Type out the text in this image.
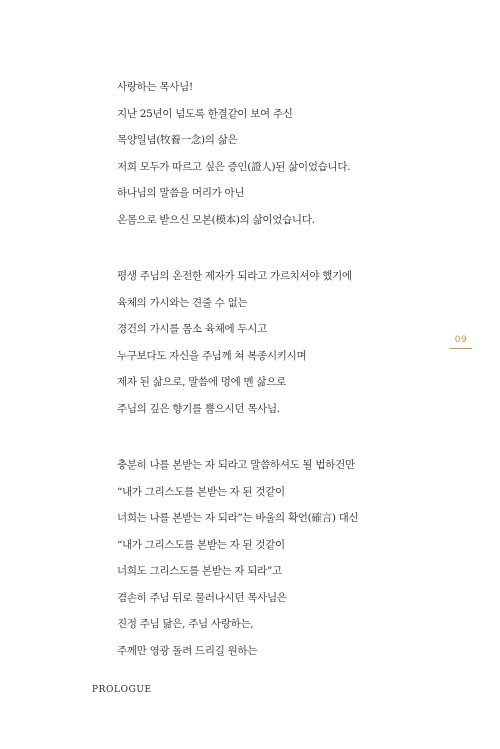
사랑하는 목사님!
지난 25년이 넘도록 한결같이 보여 주신
목양일념(牧養一念)의 삶은
저희 모두가 따르고 싶은 증인(證人)된 삶이었습니다.
하나님의 말씀을 머리가 아닌
온몸으로 받으신 모본(模本)의 삶이었습니다.
평생 주님의 온전한 제자가 되라고 가르치셔야 했기에
육체의 가시와는 견줄 수 없는
경건의 가시를 몸소 육체에 두시고
누구보다도 자신을 주님께 쳐 복종시키시며
제자 된 삶으로, 말씀에 멍에 멘 삶으로
주님의 깊은 향기를 뿜으시던 목사님.
충분히 나를 본받는 자 되라고 말씀하셔도 될 법하건만
“내가 그리스도를 본받는 자 된 것같이
너희는 나를 본받는 자 되라”는 바울의 확언(確言) 대신
“내가 그리스도를 본받는 자 된 것같이
너희도 그리스도를 본받는 자 되라”고
겸손히 주님 뒤로 물러나시던 목사님은
진정 주님 닮은, 주님 사랑하는,
주께만 영광 돌려 드리길 원하는
09
PROLOGUE
